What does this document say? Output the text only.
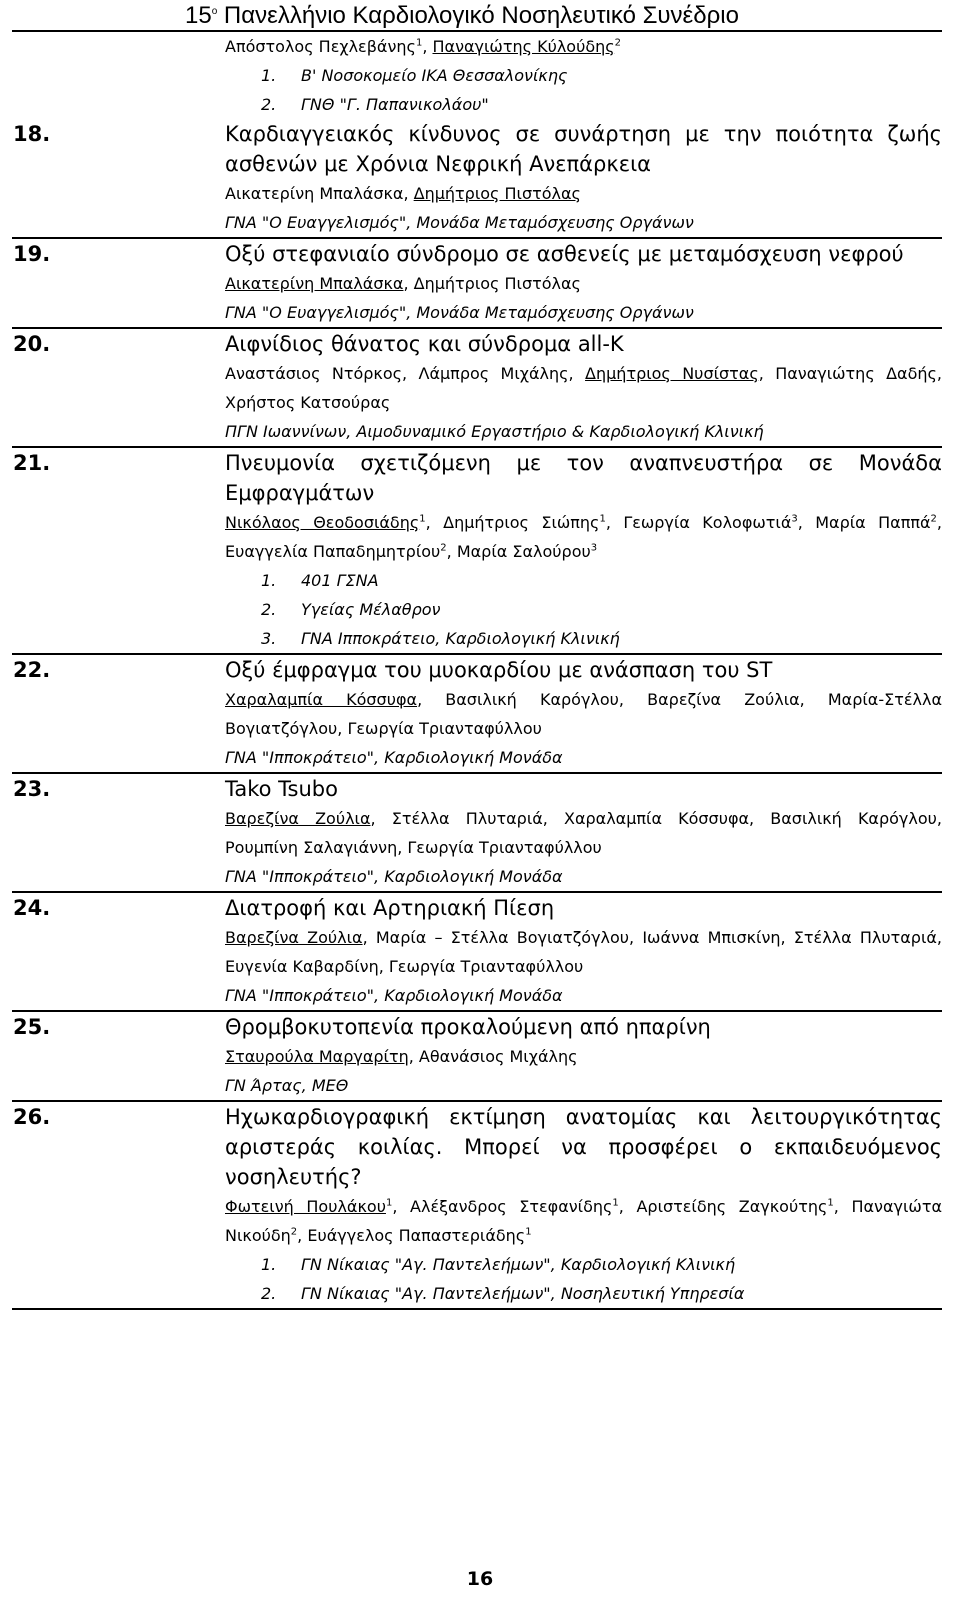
15$^o$ Πανελλήνιο Καρδιολογικό Νοσηλευτικό Συνέδριο
Απόστολος Πεχλεβάνης$^1$, Παναγιώτης Κύλούδης$^2$
1. Β' Νοσοκομείο ΙΚΑ Θεσσαλονίκης
2. ΓΝΘ "Γ. Παπανικολάου"
18.	Καρδιαγγειακός κίνδυνος σε συνάρτηση με την ποιότητα ζωής ασθενών με Χρόνια Νεφρική Ανεπάρκεια
Αικατερίνη Μπαλάσκα, Δημήτριος Πιστόλας
ΓΝΑ "Ο Ευαγγελισμός", Μονάδα Μεταμόσχευσης Οργάνων
19.	Οξύ στεφανιαίο σύνδρομο σε ασθενείς με μεταμόσχευση νεφρού
Αικατερίνη Μπαλάσκα, Δημήτριος Πιστόλας
ΓΝΑ "Ο Ευαγγελισμός", Μονάδα Μεταμόσχευσης Οργάνων
20.	Αιφνίδιος θάνατος και σύνδρομα all-K
Αναστάσιος Ντόρκος, Λάμπρος Μιχάλης, Δημήτριος Νυσίστας, Παναγιώτης Δαδής, Χρήστος Κατσούρας
ΠΓΝ Ιωαννίνων, Αιμοδυναμικό Εργαστήριο & Καρδιολογική Κλινική
21.	Πνευμονία σχετιζόμενη με τον αναπνευστήρα σε Μονάδα Εμφραγμάτων
Νικόλαος Θεοδοσιάδης$^1$, Δημήτριος Σιώπης$^1$, Γεωργία Κολοφωτιά$^3$, Μαρία Παππά$^2$, Ευαγγελία Παπαδημητρίου$^2$, Μαρία Σαλούρου$^3$
1. 401 ΓΣΝΑ
2. Υγείας Μέλαθρον
3. ΓΝΑ Ιπποκράτειο, Καρδιολογική Κλινική
22.	Οξύ έμφραγμα του μυοκαρδίου με ανάσπαση του ST
Χαραλαμπία Κόσσυφα, Βασιλική Καρόγλου, Βαρεζίνα Ζούλια, Μαρία-Στέλλα Βογιατζόγλου, Γεωργία Τριανταφύλλου
ΓΝΑ "Ιπποκράτειο", Καρδιολογική Μονάδα
23.	Tako Tsubo
Βαρεζίνα Ζούλια, Στέλλα Πλυταριά, Χαραλαμπία Κόσσυφα, Βασιλική Καρόγλου, Ρουμπίνη Σαλαγιάννη, Γεωργία Τριανταφύλλου
ΓΝΑ "Ιπποκράτειο", Καρδιολογική Μονάδα
24.	Διατροφή και Αρτηριακή Πίεση
Βαρεζίνα Ζούλια, Μαρία – Στέλλα Βογιατζόγλου, Ιωάννα Μπισκίνη, Στέλλα Πλυταριά, Ευγενία Καβαρδίνη, Γεωργία Τριανταφύλλου
ΓΝΑ "Ιπποκράτειο", Καρδιολογική Μονάδα
25.	Θρομβοκυτοπενία προκαλούμενη από ηπαρίνη
Σταυρούλα Μαργαρίτη, Αθανάσιος Μιχάλης
ΓΝ Άρτας, ΜΕΘ
26.	Ηχωκαρδιογραφική εκτίμηση ανατομίας και λειτουργικότητας αριστεράς κοιλίας. Μπορεί να προσφέρει ο εκπαιδευόμενος νοσηλευτής?
Φωτεινή Πουλάκου$^1$, Αλέξανδρος Στεφανίδης$^1$, Αριστείδης Ζαγκούτης$^1$, Παναγιώτα Νικούδη$^2$, Ευάγγελος Παπαστεριάδης$^1$
1. ΓΝ Νίκαιας "Αγ. Παντελεήμων", Καρδιολογική Κλινική
2. ΓΝ Νίκαιας "Αγ. Παντελεήμων", Νοσηλευτική Υπηρεσία
16
